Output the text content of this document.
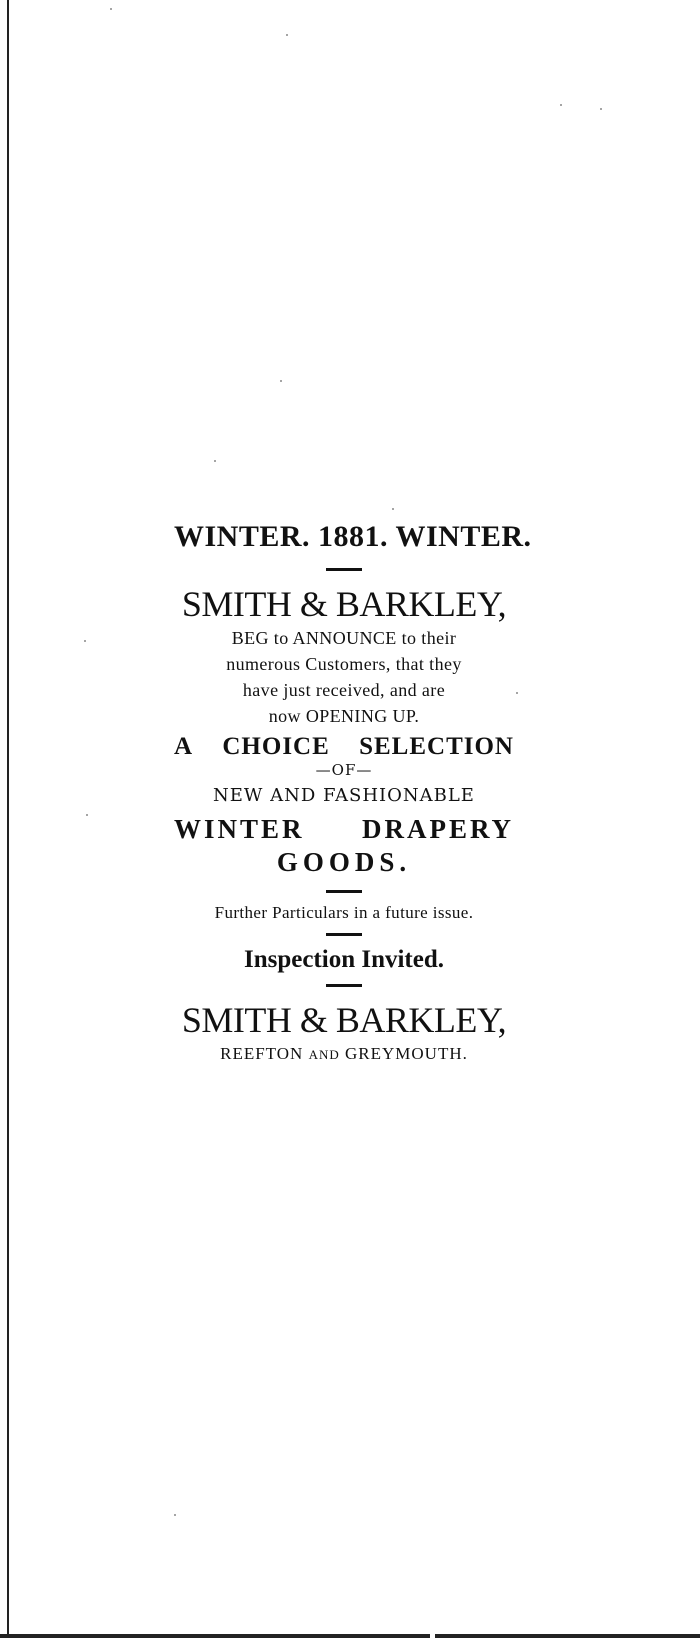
WINTER. 1881. WINTER.
SMITH & BARKLEY,
BEG to ANNOUNCE to their
numerous Customers, that they
have just received, and are
now OPENING UP.
A CHOICE SELECTION
—OF—
NEW AND FASHIONABLE
WINTER DRAPERY
GOODS.
Further Particulars in a future issue.
Inspection Invited.
SMITH & BARKLEY,
REEFTON AND GREYMOUTH.
